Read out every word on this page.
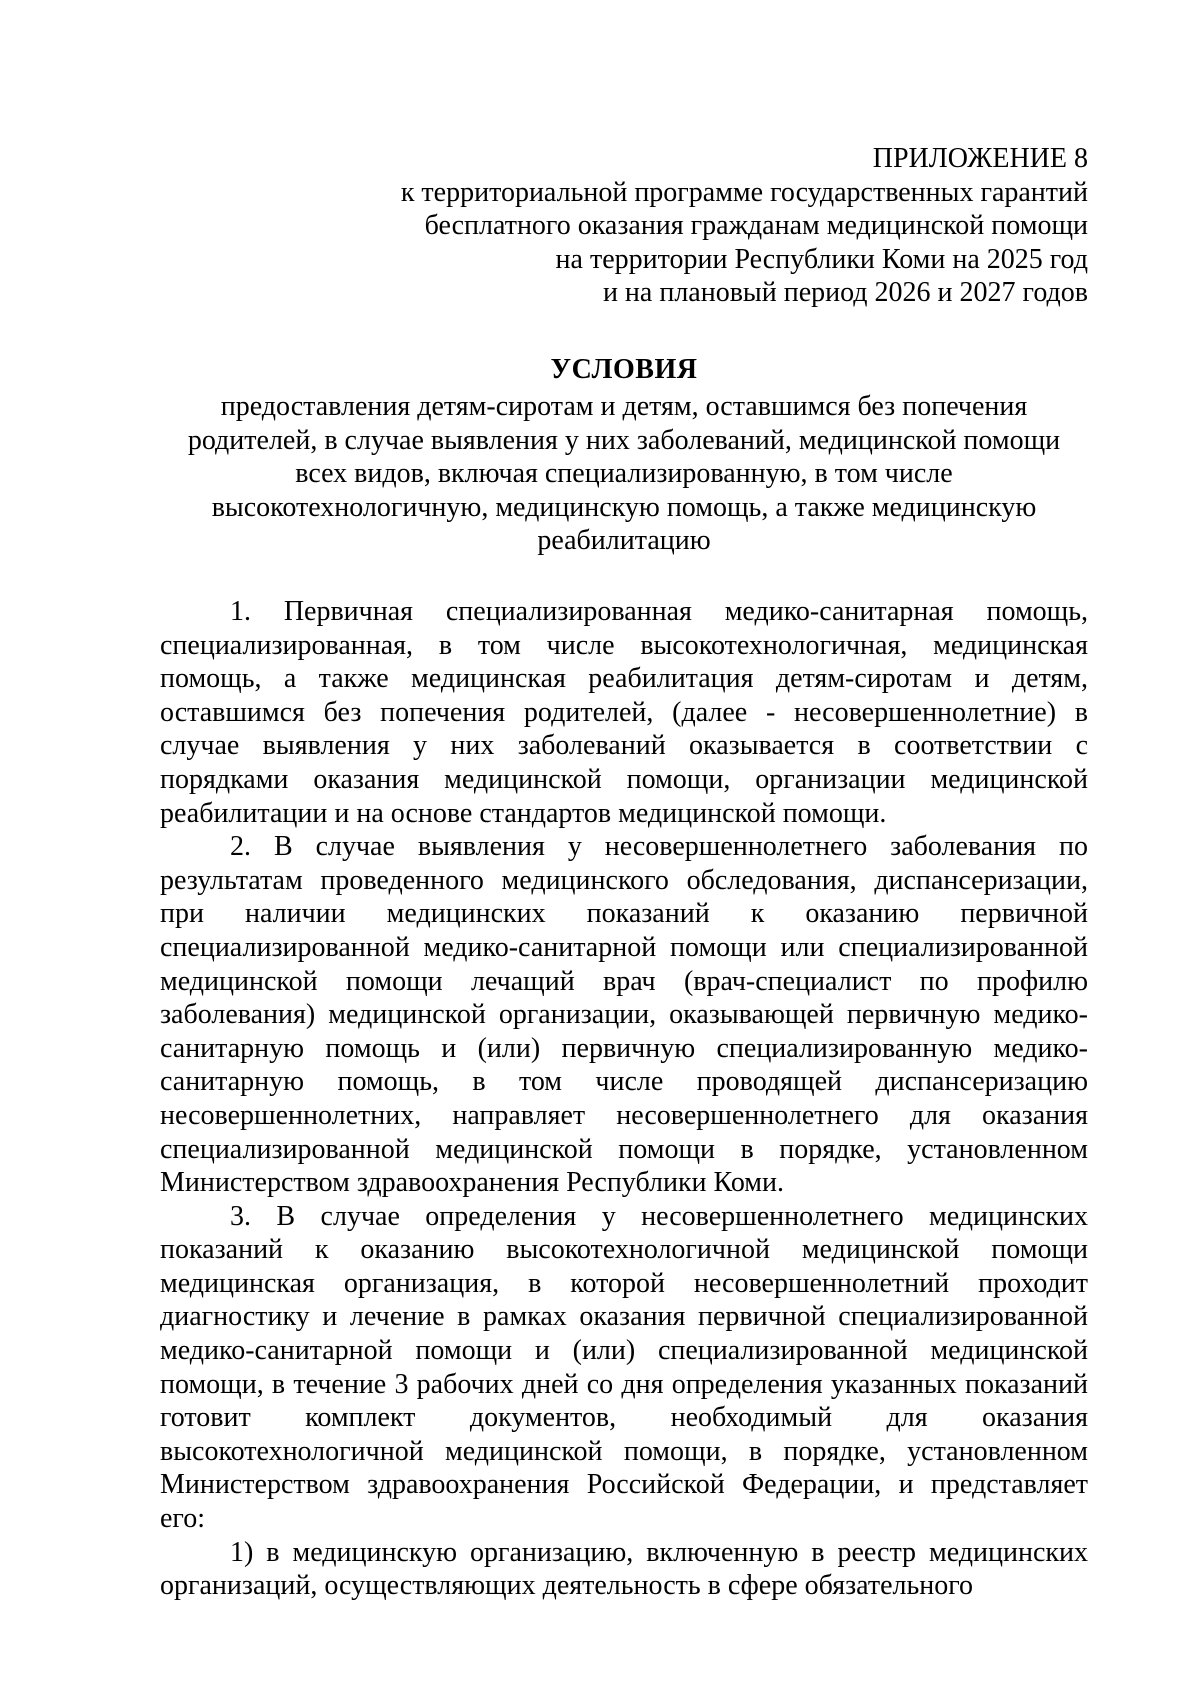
ПРИЛОЖЕНИЕ 8
к территориальной программе государственных гарантий
бесплатного оказания гражданам медицинской помощи
на территории Республики Коми на 2025 год
и на плановый период 2026 и 2027 годов
УСЛОВИЯ
предоставления детям-сиротам и детям, оставшимся без попечения
родителей, в случае выявления у них заболеваний, медицинской помощи
всех видов, включая специализированную, в том числе
высокотехнологичную, медицинскую помощь, а также медицинскую
реабилитацию

1. Первичная специализированная медико-санитарная помощь, специализированная, в том числе высокотехнологичная, медицинская помощь, а также медицинская реабилитация детям-сиротам и детям, оставшимся без попечения родителей, (далее - несовершеннолетние) в случае выявления у них заболеваний оказывается в соответствии с порядками оказания медицинской помощи, организации медицинской реабилитации и на основе стандартов медицинской помощи.

2. В случае выявления у несовершеннолетнего заболевания по результатам проведенного медицинского обследования, диспансеризации, при наличии медицинских показаний к оказанию первичной специализированной медико-санитарной помощи или специализированной медицинской помощи лечащий врач (врач-специалист по профилю заболевания) медицинской организации, оказывающей первичную медико-санитарную помощь и (или) первичную специализированную медико-санитарную помощь, в том числе проводящей диспансеризацию несовершеннолетних, направляет несовершеннолетнего для оказания специализированной медицинской помощи в порядке, установленном Министерством здравоохранения Республики Коми.

3. В случае определения у несовершеннолетнего медицинских показаний к оказанию высокотехнологичной медицинской помощи медицинская организация, в которой несовершеннолетний проходит диагностику и лечение в рамках оказания первичной специализированной медико-санитарной помощи и (или) специализированной медицинской помощи, в течение 3 рабочих дней со дня определения указанных показаний готовит комплект документов, необходимый для оказания высокотехнологичной медицинской помощи, в порядке, установленном Министерством здравоохранения Российской Федерации, и представляет его:

1) в медицинскую организацию, включенную в реестр медицинских организаций, осуществляющих деятельность в сфере обязательного
